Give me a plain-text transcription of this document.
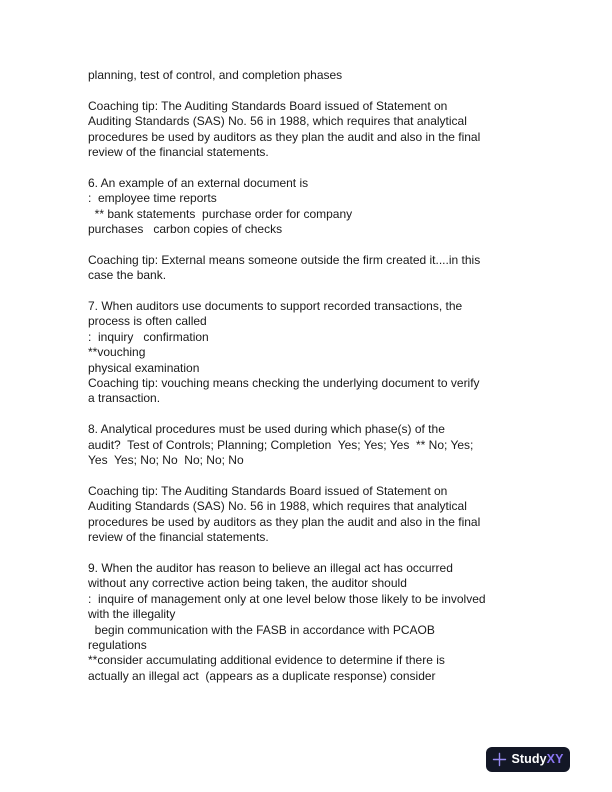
planning, test of control, and completion phases
Coaching tip: The Auditing Standards Board issued of Statement on
Auditing Standards (SAS) No. 56 in 1988, which requires that analytical
procedures be used by auditors as they plan the audit and also in the final
review of the financial statements.
6. An example of an external document is
:  employee time reports
** bank statements  purchase order for company
purchases   carbon copies of checks
Coaching tip: External means someone outside the firm created it....in this
case the bank.
7. When auditors use documents to support recorded transactions, the
process is often called
:  inquiry   confirmation
**vouching
physical examination
Coaching tip: vouching means checking the underlying document to verify
a transaction.
8. Analytical procedures must be used during which phase(s) of the
audit?  Test of Controls; Planning; Completion  Yes; Yes; Yes  ** No; Yes;
Yes  Yes; No; No  No; No; No
Coaching tip: The Auditing Standards Board issued of Statement on
Auditing Standards (SAS) No. 56 in 1988, which requires that analytical
procedures be used by auditors as they plan the audit and also in the final
review of the financial statements.
9. When the auditor has reason to believe an illegal act has occurred
without any corrective action being taken, the auditor should
:  inquire of management only at one level below those likely to be involved
with the illegality
begin communication with the FASB in accordance with PCAOB
regulations
**consider accumulating additional evidence to determine if there is
actually an illegal act  (appears as a duplicate response) consider
StudyXY
